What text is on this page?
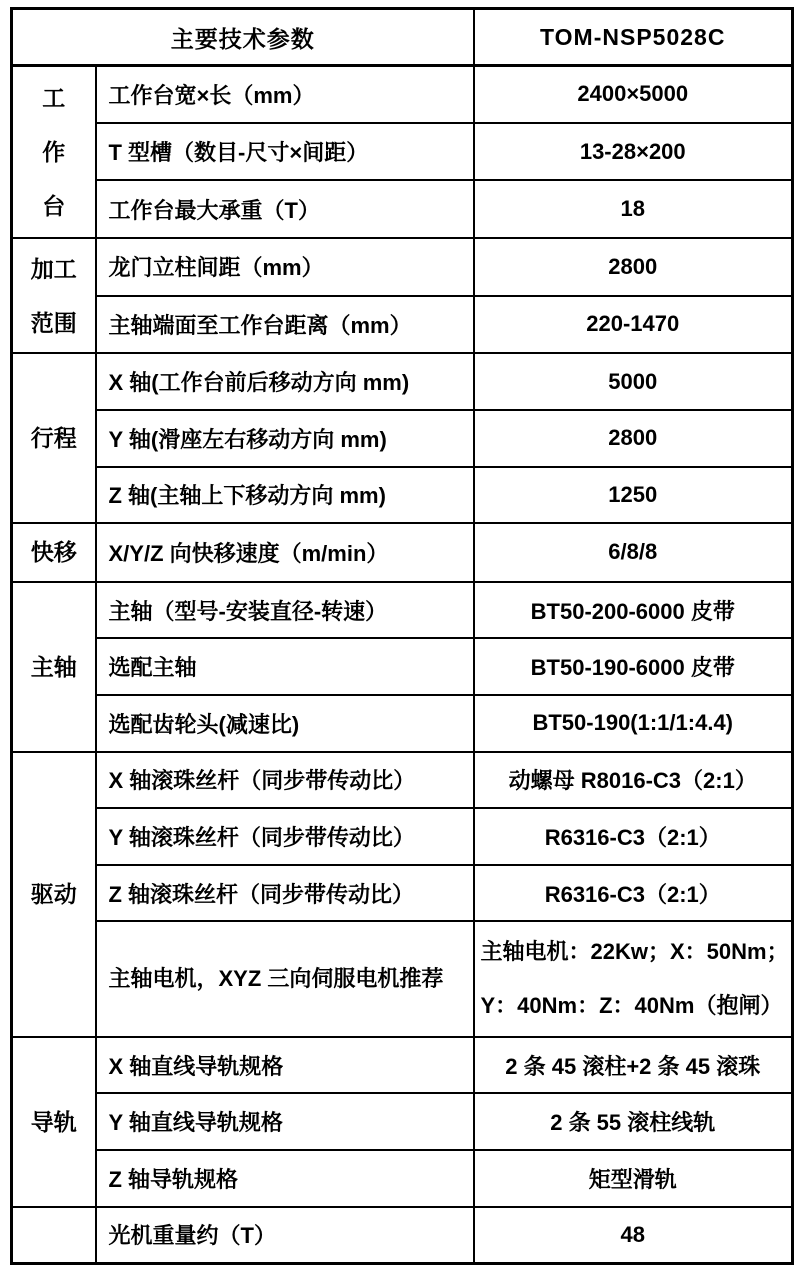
主要技术参数		TOM-NSP5028C

工
作
台	工作台宽×长（mm）	2400×5000
	T 型槽（数目-尺寸×间距）	13-28×200
	工作台最大承重（T）	18

加工
范围	龙门立柱间距（mm）	2800
	主轴端面至工作台距离（mm）	220-1470

行程	X 轴(工作台前后移动方向 mm)	5000
	Y 轴(滑座左右移动方向 mm)	2800
	Z 轴(主轴上下移动方向 mm)	1250

快移	X/Y/Z 向快移速度（m/min）	6/8/8

主轴	主轴（型号-安装直径-转速）	BT50-200-6000 皮带
	选配主轴	BT50-190-6000 皮带
	选配齿轮头(减速比)	BT50-190(1:1/1:4.4)

驱动	X 轴滚珠丝杆（同步带传动比）	动螺母 R8016-C3（2:1）
	Y 轴滚珠丝杆（同步带传动比）	R6316-C3（2:1）
	Z 轴滚珠丝杆（同步带传动比）	R6316-C3（2:1）
	主轴电机，XYZ 三向伺服电机推荐	主轴电机：22Kw；X：50Nm；Y：40Nm：Z：40Nm（抱闸）

导轨	X 轴直线导轨规格	2 条 45 滚柱+2 条 45 滚珠
	Y 轴直线导轨规格	2 条 55 滚柱线轨
	Z 轴导轨规格	矩型滑轨

	光机重量约（T）	48
